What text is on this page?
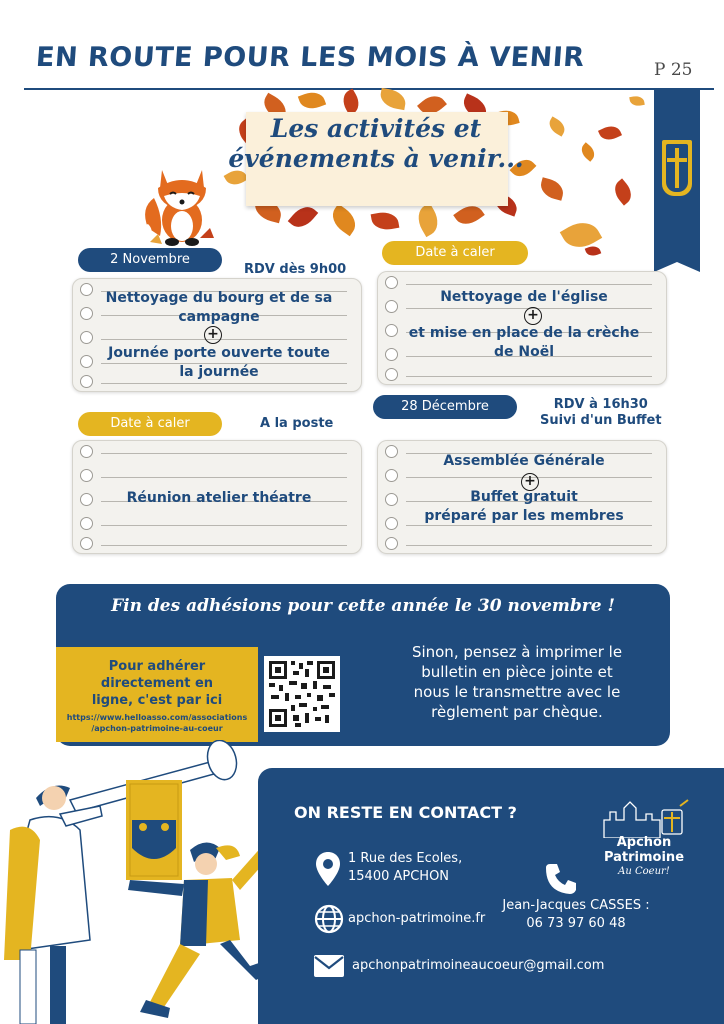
EN ROUTE POUR LES MOIS À VENIR	P 25
Les activités et
événements à venir...
2 Novembre
RDV dès 9h00
Nettoyage du bourg et de sa
campagne
+
Journée porte ouverte toute
la journée
Date à caler
Nettoyage de l'église
+
et mise en place de la crèche
de Noël
Date à caler	A la poste
Réunion atelier théatre
28 Décembre	RDV à 16h30
Suivi d'un Buffet
Assemblée Générale
+
Buffet gratuit
préparé par les membres
Fin des adhésions pour cette année le 30 novembre !
Pour adhérer
directement en
ligne, c'est par ici
https://www.helloasso.com/associations
/apchon-patrimoine-au-coeur
Sinon, pensez à imprimer le
bulletin en pièce jointe et
nous le transmettre avec le
règlement par chèque.
ON RESTE EN CONTACT ?
1 Rue des Ecoles,
15400 APCHON
apchon-patrimoine.fr
apchonpatrimoineaucoeur@gmail.com
Jean-Jacques CASSES :
06 73 97 60 48
Apchon
Patrimoine
Au Coeur!
